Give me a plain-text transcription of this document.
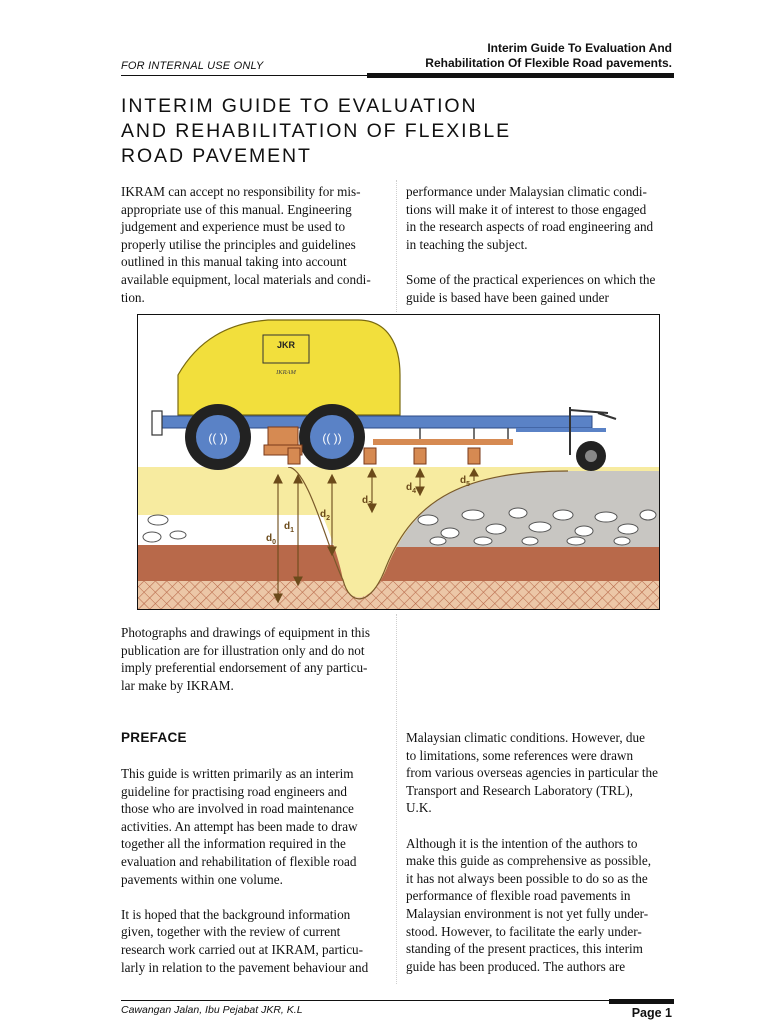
FOR INTERNAL USE ONLY
Interim Guide To Evaluation And
Rehabilitation Of Flexible Road pavements.
INTERIM GUIDE TO EVALUATION
AND REHABILITATION OF FLEXIBLE
ROAD PAVEMENT
IKRAM can accept no responsibility for mis-
appropriate use of this manual. Engineering
judgement and experience must be used to
properly utilise the principles and guidelines
outlined in this manual taking into account
available equipment, local materials and condi-
tion.
performance under Malaysian climatic condi-
tions will make it of interest to those engaged
in the research aspects of road engineering and
in teaching the subject.
Some of the practical experiences on which the
guide is based have been gained under
JKR
IKRAM
(( ))	(( ))
$d_0$
$d_1$
$d_2$
$d_3$
$d_4$
$d_5$
Photographs and drawings of equipment in this
publication are for illustration only and do not
imply preferential endorsement of any particu-
lar make by IKRAM.
PREFACE
This guide is written primarily as an interim
guideline for practising road engineers and
those who are involved in road maintenance
activities. An attempt has been made to draw
together all the information required in the
evaluation and rehabilitation of flexible road
pavements within one volume.
It is hoped that the background information
given, together with the review of current
research work carried out at IKRAM, particu-
larly in relation to the pavement behaviour and
Malaysian climatic conditions. However, due
to limitations, some references were drawn
from various overseas agencies in particular the
Transport and Research Laboratory (TRL),
U.K.
Although it is the intention of the authors to
make this guide as comprehensive as possible,
it has not always been possible to do so as the
performance of flexible road pavements in
Malaysian environment is not yet fully under-
stood. However, to facilitate the early under-
standing of the present practices, this interim
guide has been produced. The authors are
Cawangan Jalan, Ibu Pejabat JKR, K.L	Page 1
